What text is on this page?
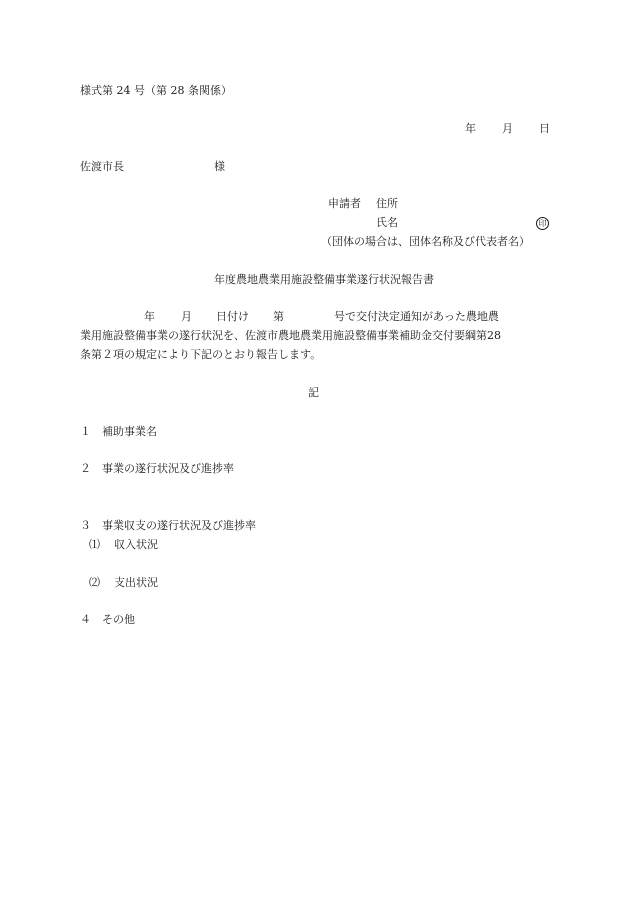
様式第 24 号（第 28 条関係）
年 月 日
佐渡市長	様
申請者 住所
氏名	印
（団体の場合は、団体名称及び代表者名）
年度農地農業用施設整備事業遂行状況報告書
年 月 日付け 第	号で交付決定通知があった農地農
業用施設整備事業の遂行状況を、佐渡市農地農業用施設整備事業補助金交付要綱第28
条第２項の規定により下記のとおり報告します。
記
１ 補助事業名
２ 事業の遂行状況及び進捗率
３ 事業収支の遂行状況及び進捗率
⑴ 収入状況
⑵ 支出状況
４ その他
